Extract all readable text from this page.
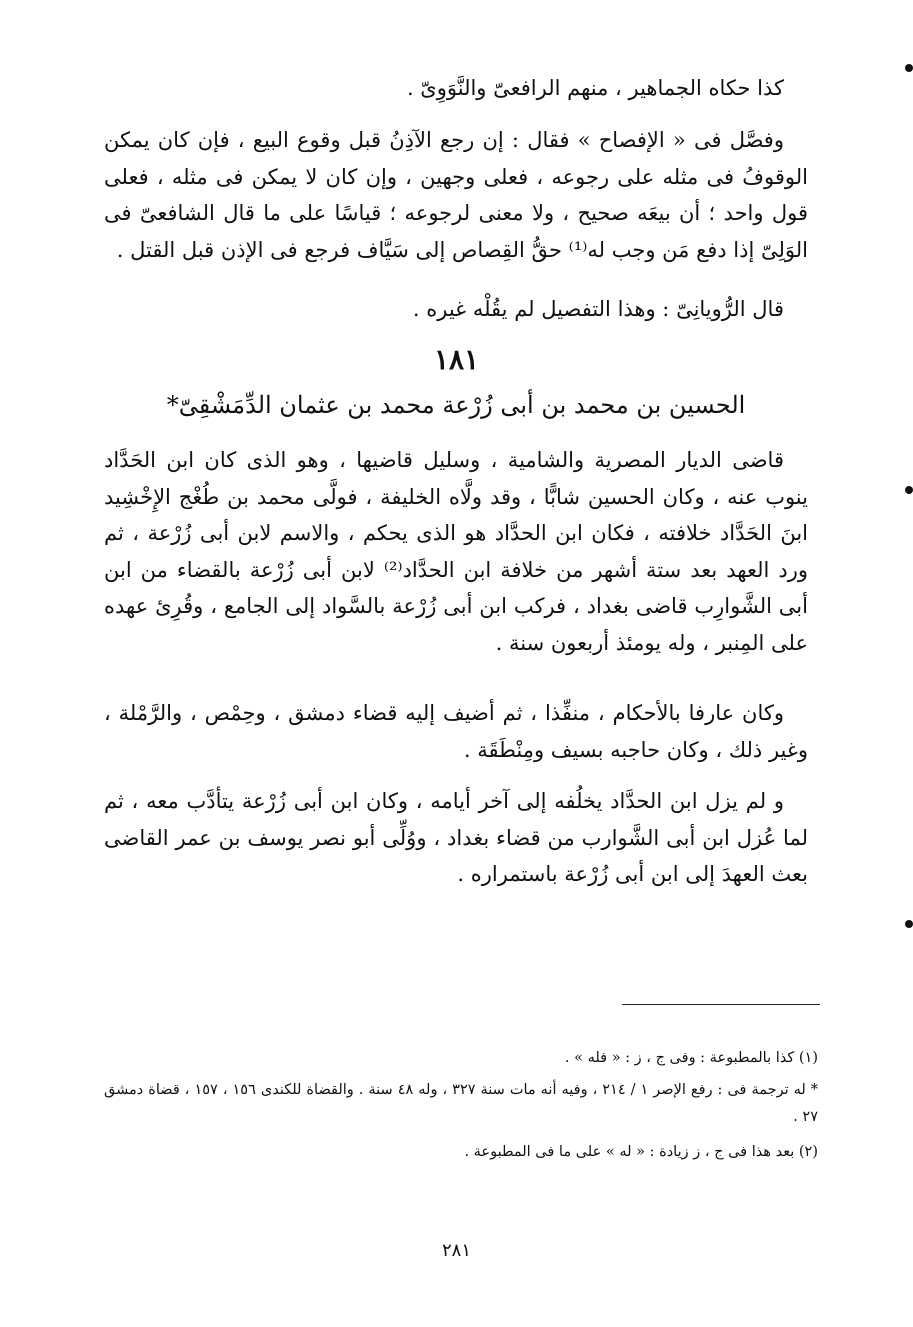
كذا حكاه الجماهير ، منهم الرافعىّ والنَّوَوِىّ .

وفصَّل فى « الإفصاح » فقال : إن رجع الآذِنُ قبل وقوع البيع ، فإن كان يمكن الوقوفُ فى مثله على رجوعه ، فعلى وجهين ، وإن كان لا يمكن فى مثله ، فعلى قول واحد ؛ أن بيعَه صحيح ، ولا معنى لرجوعه ؛ قياسًا على ما قال الشافعىّ فى الوَلِىّ إذا دفع مَن وجب له⁽¹⁾ حقُّ القِصاص إلى سَيَّاف فرجع فى الإذن قبل القتل .

قال الرُّويانِىّ : وهذا التفصيل لم يقُلْه غيره .

١٨١
الحسين بن محمد بن أبى زُرْعة محمد بن عثمان الدِّمَشْقِىّ*

قاضى الديار المصرية والشامية ، وسليل قاضيها ، وهو الذى كان ابن الحَدَّاد ينوب عنه ، وكان الحسين شابًّا ، وقد ولَّاه الخليفة ، فولَّى محمد بن طُغْج الإِخْشِيد ابنَ الحَدَّاد خلافته ، فكان ابن الحدَّاد هو الذى يحكم ، والاسم لابن أبى زُرْعة ، ثم ورد العهد بعد ستة أشهر من خلافة ابن الحدَّاد⁽²⁾ لابن أبى زُرْعة بالقضاء من ابن أبى الشَّوارِب قاضى بغداد ، فركب ابن أبى زُرْعة بالسَّواد إلى الجامع ، وقُرِئ عهده على المِنبر ، وله يومئذ أربعون سنة .

وكان عارفا بالأحكام ، منفِّذا ، ثم أضيف إليه قضاء دمشق ، وحِمْص ، والرَّمْلة ، وغير ذلك ، وكان حاجبه بسيف ومِنْطَقَة .

و لم يزل ابن الحدَّاد يخلُفه إلى آخر أيامه ، وكان ابن أبى زُرْعة يتأدَّب معه ، ثم لما عُزل ابن أبى الشَّوارب من قضاء بغداد ، ووُلِّى أبو نصر يوسف بن عمر القاضى بعث العهدَ إلى ابن أبى زُرْعة باستمراره .

(١) كذا بالمطبوعة : وفى ج ، ز : « فله » .

* له ترجمة فى : رفع الإصر ١ / ٢١٤ ، وفيه أنه مات سنة ٣٢٧ ، وله ٤٨ سنة . والقضاة للكندى ١٥٦ ، ١٥٧ ، قضاة دمشق ٢٧ .

(٢) بعد هذا فى ج ، ز زيادة : « له » على ما فى المطبوعة .

٢٨١
